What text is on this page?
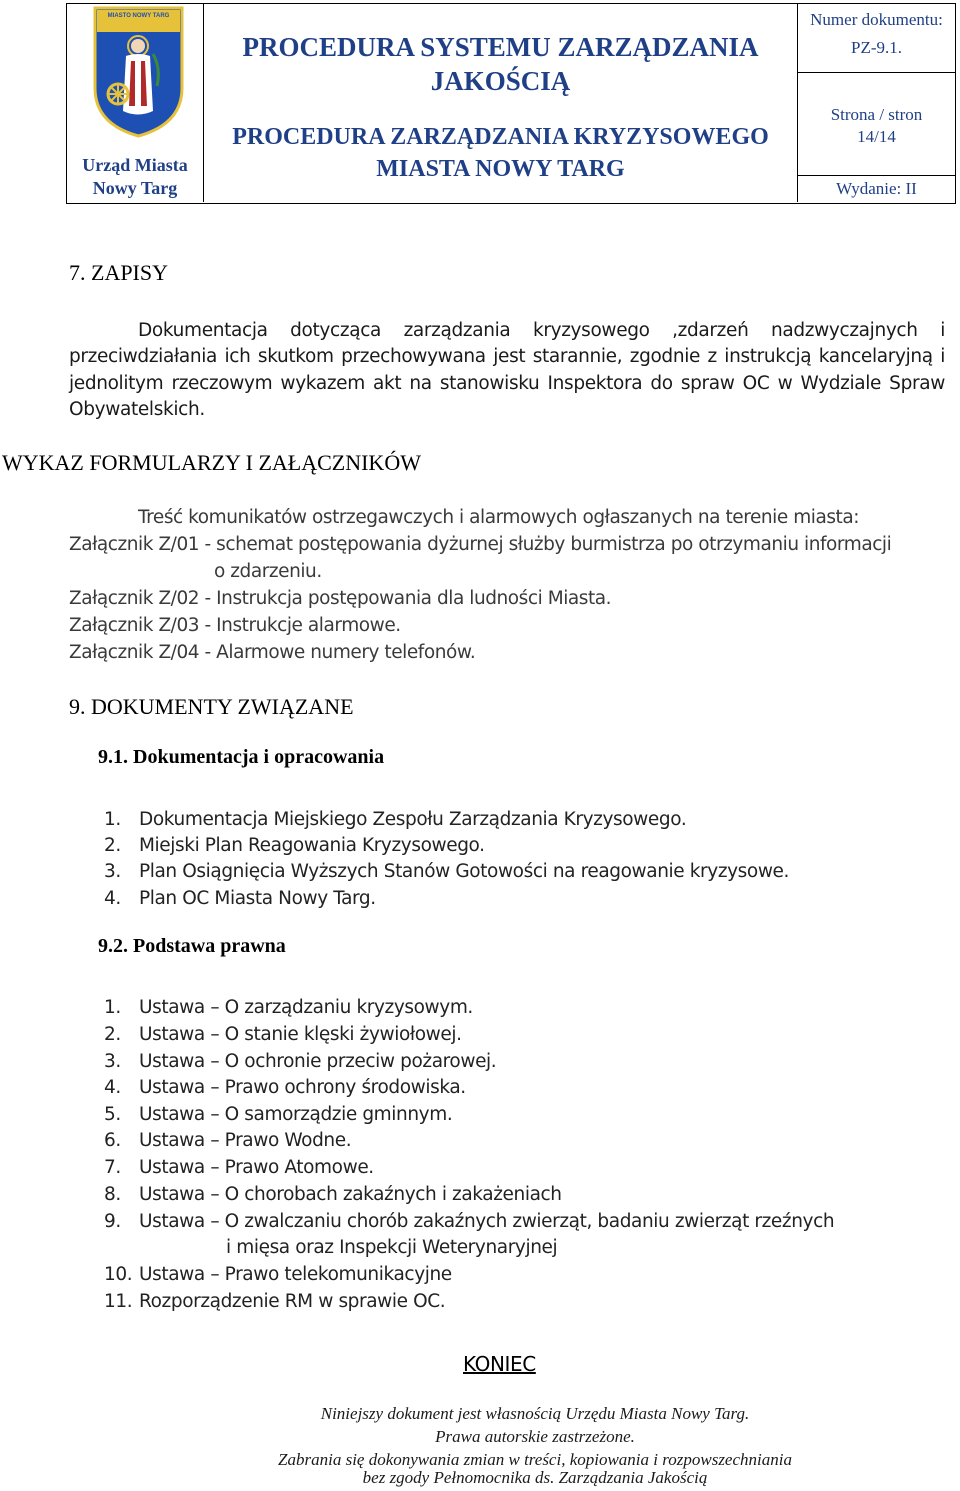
MIASTO NOWY TARG
Urząd Miasta Nowy Targ
PROCEDURA SYSTEMU ZARZĄDZANIA JAKOŚCIĄ
PROCEDURA ZARZĄDZANIA KRYZYSOWEGO MIASTA NOWY TARG
Numer dokumentu:
PZ-9.1.
Strona / stron
14/14
Wydanie: II
7. ZAPISY
Dokumentacja dotycząca zarządzania kryzysowego ,zdarzeń nadzwyczajnych i przeciwdziałania ich skutkom przechowywana jest starannie, zgodnie z instrukcją kancelaryjną i jednolitym rzeczowym wykazem akt na stanowisku Inspektora do spraw OC w Wydziale Spraw Obywatelskich.
WYKAZ FORMULARZY I ZAŁĄCZNIKÓW
Treść komunikatów ostrzegawczych i alarmowych ogłaszanych na terenie miasta:
Załącznik Z/01 - schemat postępowania dyżurnej służby burmistrza po otrzymaniu informacji
o zdarzeniu.
Załącznik Z/02 - Instrukcja postępowania dla ludności Miasta.
Załącznik Z/03 - Instrukcje alarmowe.
Załącznik Z/04 - Alarmowe numery telefonów.
9. DOKUMENTY ZWIĄZANE
9.1. Dokumentacja i opracowania
1. Dokumentacja Miejskiego Zespołu Zarządzania Kryzysowego.
2. Miejski Plan Reagowania Kryzysowego.
3. Plan Osiągnięcia Wyższych Stanów Gotowości na reagowanie kryzysowe.
4. Plan OC Miasta Nowy Targ.
9.2. Podstawa prawna
1. Ustawa – O zarządzaniu kryzysowym.
2. Ustawa – O stanie klęski żywiołowej.
3. Ustawa – O ochronie przeciw pożarowej.
4. Ustawa – Prawo ochrony środowiska.
5. Ustawa – O samorządzie gminnym.
6. Ustawa – Prawo Wodne.
7. Ustawa – Prawo Atomowe.
8. Ustawa – O chorobach zakaźnych i zakażeniach
9. Ustawa – O zwalczaniu chorób zakaźnych zwierząt, badaniu zwierząt rzeźnych
i mięsa oraz Inspekcji Weterynaryjnej
10. Ustawa – Prawo telekomunikacyjne
11. Rozporządzenie RM w sprawie OC.
KONIEC
Niniejszy dokument jest własnością Urzędu Miasta Nowy Targ.
Prawa autorskie zastrzeżone.
Zabrania się dokonywania zmian w treści, kopiowania i rozpowszechniania
bez zgody Pełnomocnika ds. Zarządzania Jakością
